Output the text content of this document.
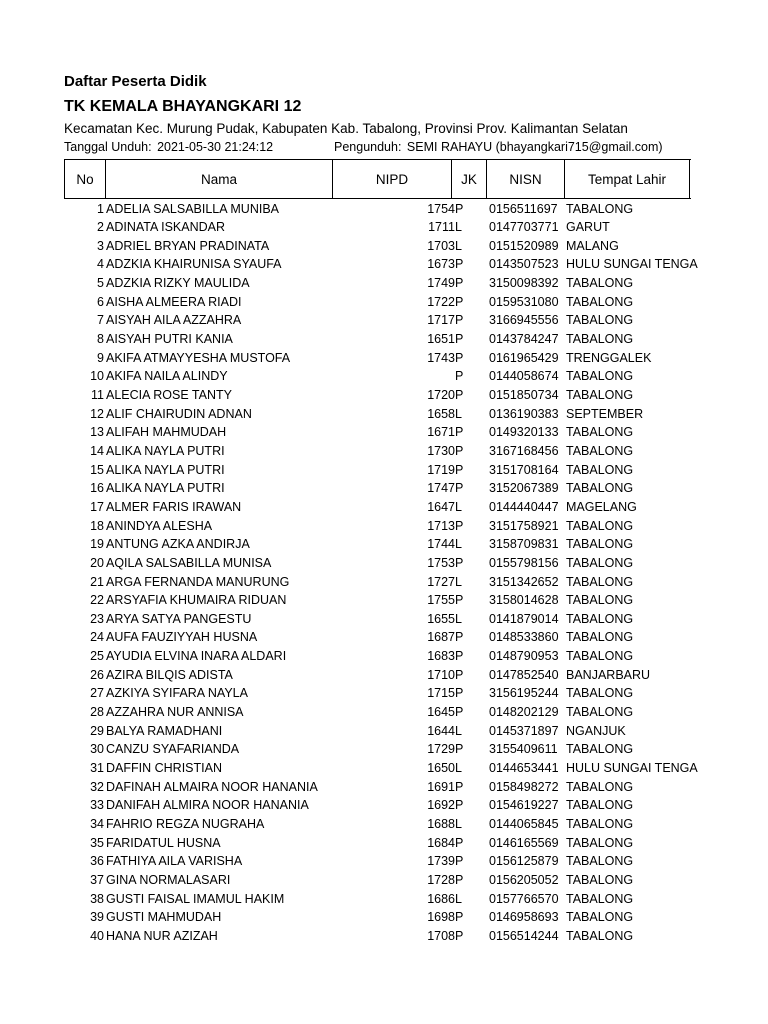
Daftar Peserta Didik
TK KEMALA BHAYANGKARI 12
Kecamatan Kec. Murung Pudak, Kabupaten Kab. Tabalong, Provinsi Prov. Kalimantan Selatan
Tanggal Unduh: 2021-05-30 21:24:12	Pengunduh: SEMI RAHAYU (bhayangkari715@gmail.com)
No	Nama	NIPD	JK	NISN	Tempat Lahir
1 ADELIA SALSABILLA MUNIBA	1754 P	0156511697 TABALONG
2 ADINATA ISKANDAR	1711 L	0147703771 GARUT
3 ADRIEL BRYAN PRADINATA	1703 L	0151520989 MALANG
4 ADZKIA KHAIRUNISA SYAUFA	1673 P	0143507523 HULU SUNGAI TENGA
5 ADZKIA RIZKY MAULIDA	1749 P	3150098392 TABALONG
6 AISHA ALMEERA RIADI	1722 P	0159531080 TABALONG
7 AISYAH AILA AZZAHRA	1717 P	3166945556 TABALONG
8 AISYAH PUTRI KANIA	1651 P	0143784247 TABALONG
9 AKIFA ATMAYYESHA MUSTOFA	1743 P	0161965429 TRENGGALEK
10 AKIFA NAILA ALINDY	P	0144058674 TABALONG
11 ALECIA ROSE TANTY	1720 P	0151850734 TABALONG
12 ALIF CHAIRUDIN ADNAN	1658 L	0136190383 SEPTEMBER
13 ALIFAH MAHMUDAH	1671 P	0149320133 TABALONG
14 ALIKA NAYLA PUTRI	1730 P	3167168456 TABALONG
15 ALIKA NAYLA PUTRI	1719 P	3151708164 TABALONG
16 ALIKA NAYLA PUTRI	1747 P	3152067389 TABALONG
17 ALMER FARIS IRAWAN	1647 L	0144440447 MAGELANG
18 ANINDYA ALESHA	1713 P	3151758921 TABALONG
19 ANTUNG AZKA ANDIRJA	1744 L	3158709831 TABALONG
20 AQILA SALSABILLA MUNISA	1753 P	0155798156 TABALONG
21 ARGA FERNANDA MANURUNG	1727 L	3151342652 TABALONG
22 ARSYAFIA KHUMAIRA RIDUAN	1755 P	3158014628 TABALONG
23 ARYA SATYA PANGESTU	1655 L	0141879014 TABALONG
24 AUFA FAUZIYYAH HUSNA	1687 P	0148533860 TABALONG
25 AYUDIA ELVINA INARA ALDARI	1683 P	0148790953 TABALONG
26 AZIRA BILQIS ADISTA	1710 P	0147852540 BANJARBARU
27 AZKIYA SYIFARA NAYLA	1715 P	3156195244 TABALONG
28 AZZAHRA NUR ANNISA	1645 P	0148202129 TABALONG
29 BALYA RAMADHANI	1644 L	0145371897 NGANJUK
30 CANZU SYAFARIANDA	1729 P	3155409611 TABALONG
31 DAFFIN CHRISTIAN	1650 L	0144653441 HULU SUNGAI TENGA
32 DAFINAH ALMAIRA NOOR HANANIA	1691 P	0158498272 TABALONG
33 DANIFAH ALMIRA NOOR HANANIA	1692 P	0154619227 TABALONG
34 FAHRIO REGZA NUGRAHA	1688 L	0144065845 TABALONG
35 FARIDATUL HUSNA	1684 P	0146165569 TABALONG
36 FATHIYA AILA VARISHA	1739 P	0156125879 TABALONG
37 GINA NORMALASARI	1728 P	0156205052 TABALONG
38 GUSTI FAISAL IMAMUL HAKIM	1686 L	0157766570 TABALONG
39 GUSTI MAHMUDAH	1698 P	0146958693 TABALONG
40 HANA NUR AZIZAH	1708 P	0156514244 TABALONG
